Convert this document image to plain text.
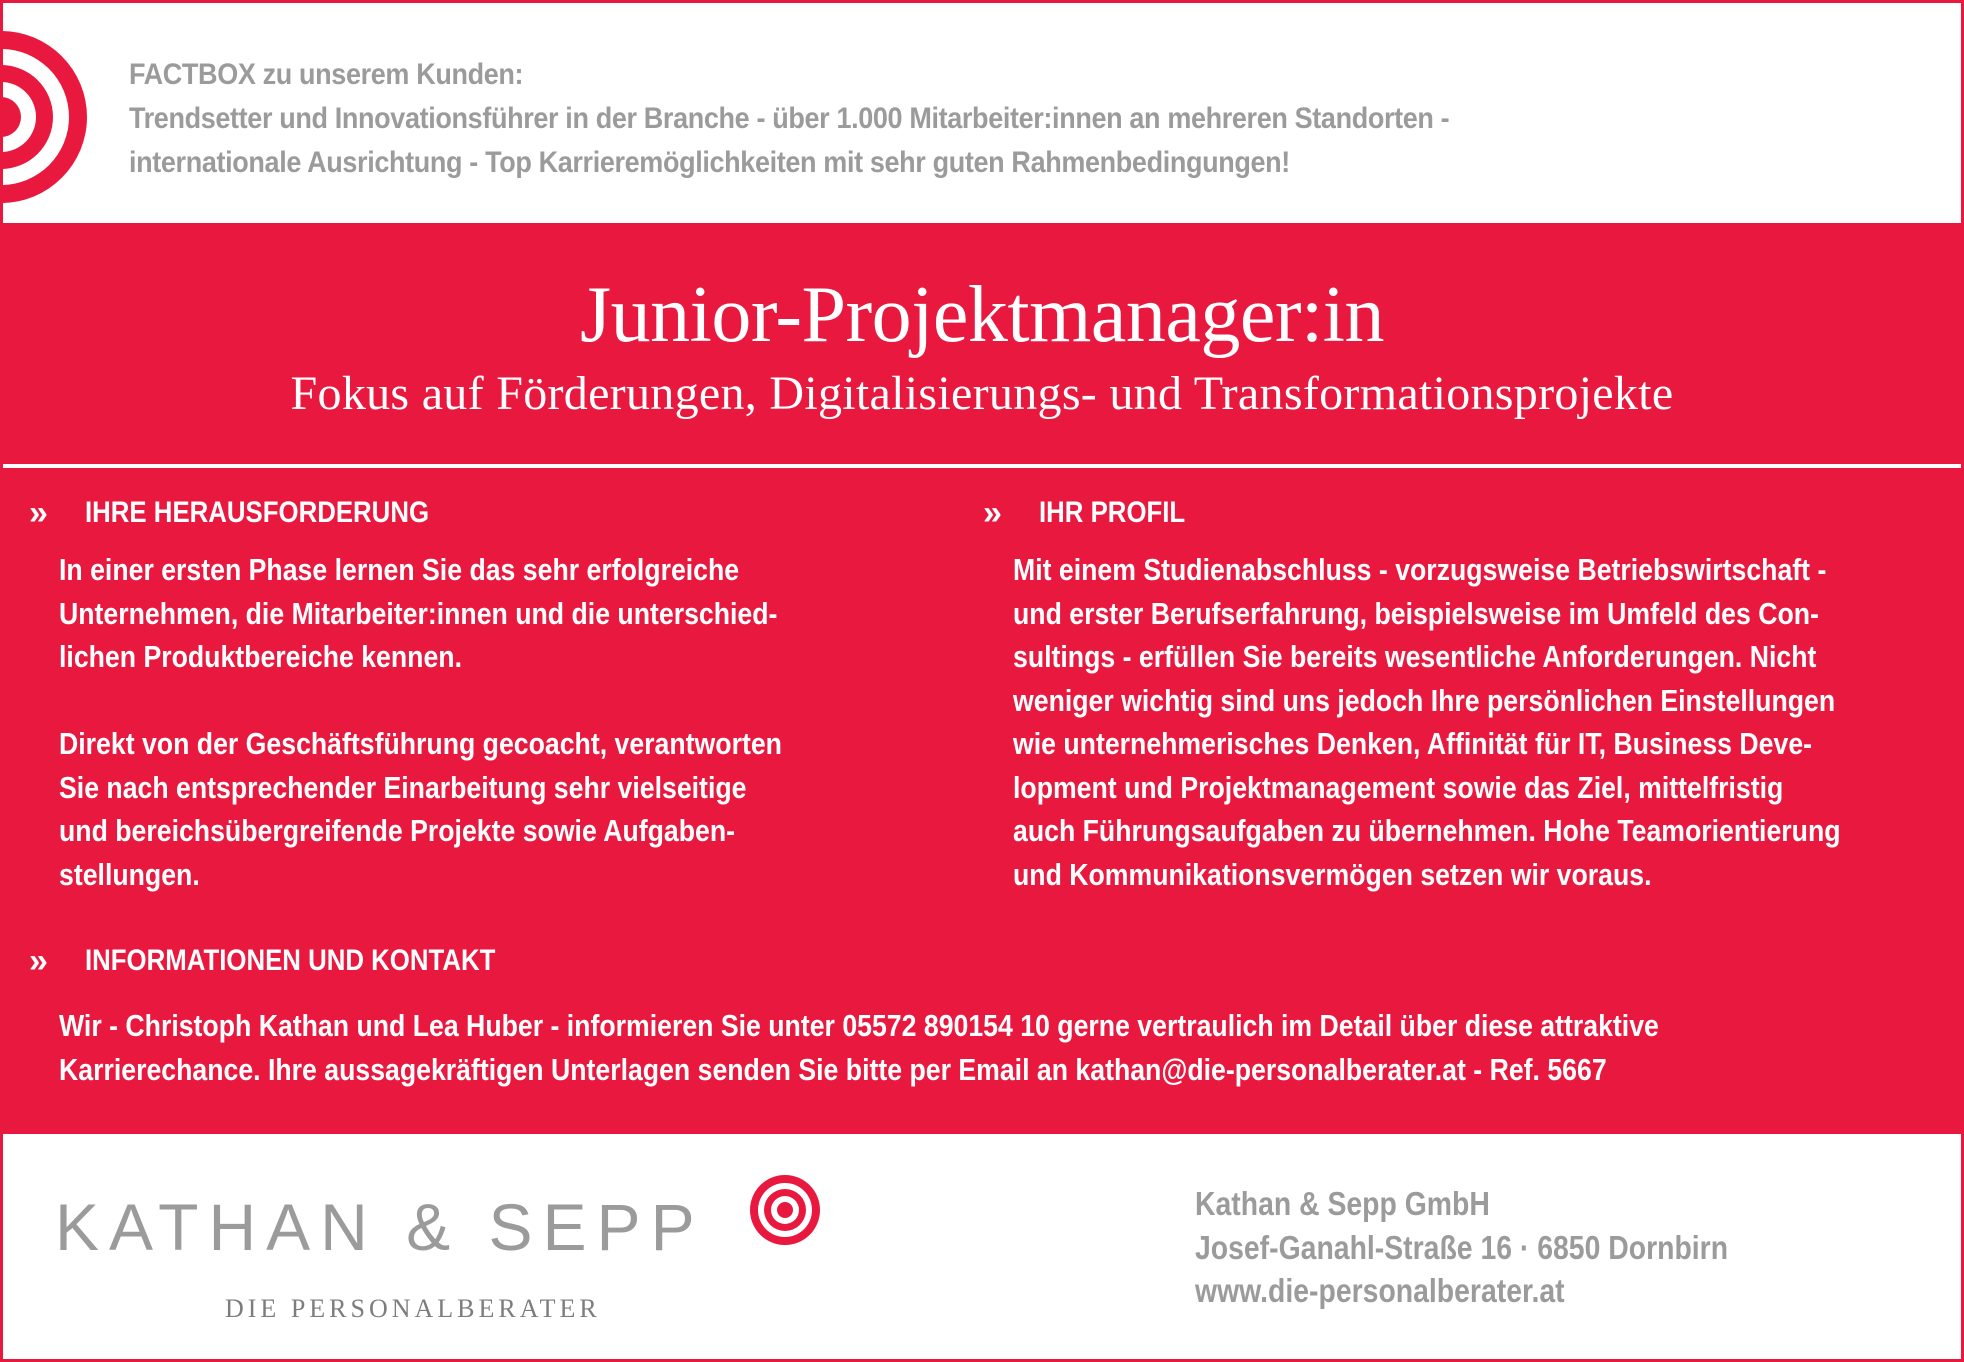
FACTBOX zu unserem Kunden:
Trendsetter und Innovationsführer in der Branche - über 1.000 Mitarbeiter:innen an mehreren Standorten -
internationale Ausrichtung - Top Karrieremöglichkeiten mit sehr guten Rahmenbedingungen!
Junior-Projektmanager:in
Fokus auf Förderungen, Digitalisierungs- und Transformationsprojekte
» IHRE HERAUSFORDERUNG
In einer ersten Phase lernen Sie das sehr erfolgreiche
Unternehmen, die Mitarbeiter:innen und die unterschied-
lichen Produktbereiche kennen.

Direkt von der Geschäftsführung gecoacht, verantworten
Sie nach entsprechender Einarbeitung sehr vielseitige
und bereichsübergreifende Projekte sowie Aufgaben-
stellungen.
» IHR PROFIL
Mit einem Studienabschluss - vorzugsweise Betriebswirtschaft -
und erster Berufserfahrung, beispielsweise im Umfeld des Con-
sultings - erfüllen Sie bereits wesentliche Anforderungen. Nicht
weniger wichtig sind uns jedoch Ihre persönlichen Einstellungen
wie unternehmerisches Denken, Affinität für IT, Business Deve-
lopment und Projektmanagement sowie das Ziel, mittelfristig
auch Führungsaufgaben zu übernehmen. Hohe Teamorientierung
und Kommunikationsvermögen setzen wir voraus.
» INFORMATIONEN UND KONTAKT
Wir - Christoph Kathan und Lea Huber - informieren Sie unter 05572 890154 10 gerne vertraulich im Detail über diese attraktive
Karrierechance. Ihre aussagekräftigen Unterlagen senden Sie bitte per Email an kathan@die-personalberater.at - Ref. 5667
KATHAN & SEPP
DIE PERSONALBERATER
Kathan & Sepp GmbH
Josef-Ganahl-Straße 16 · 6850 Dornbirn
www.die-personalberater.at
